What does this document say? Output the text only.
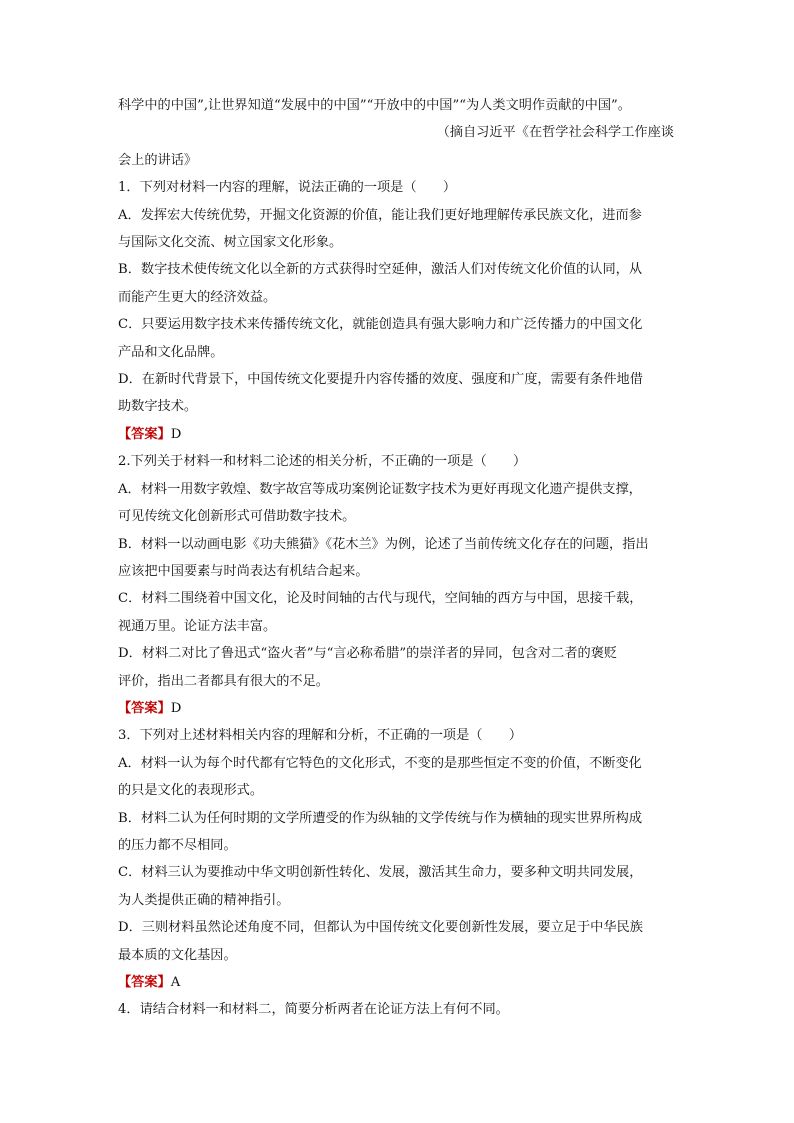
科学中的中国”,让世界知道“发展中的中国”“开放中的中国”“为人类文明作贡献的中国”。
（摘自习近平《在哲学社会科学工作座谈
会上的讲话》
1．下列对材料一内容的理解，说法正确的一项是（　　）
A．发挥宏大传统优势，开掘文化资源的价值，能让我们更好地理解传承民族文化，进而参
与国际文化交流、树立国家文化形象。
B．数字技术使传统文化以全新的方式获得时空延伸，激活人们对传统文化价值的认同，从
而能产生更大的经济效益。
C．只要运用数字技术来传播传统文化，就能创造具有强大影响力和广泛传播力的中国文化
产品和文化品牌。
D．在新时代背景下，中国传统文化要提升内容传播的效度、强度和广度，需要有条件地借
助数字技术。
【答案】D
2.下列关于材料一和材料二论述的相关分析，不正确的一项是（　　）
A．材料一用数字敦煌、数字故宫等成功案例论证数字技术为更好再现文化遗产提供支撑，
可见传统文化创新形式可借助数字技术。
B．材料一以动画电影《功夫熊猫》《花木兰》为例，论述了当前传统文化存在的问题，指出
应该把中国要素与时尚表达有机结合起来。
C．材料二围绕着中国文化，论及时间轴的古代与现代，空间轴的西方与中国，思接千载，
视通万里。论证方法丰富。
D．材料二对比了鲁迅式“盗火者”与“言必称希腊”的崇洋者的异同，包含对二者的褒贬
评价，指出二者都具有很大的不足。
【答案】D
3．下列对上述材料相关内容的理解和分析，不正确的一项是（　　）
A．材料一认为每个时代都有它特色的文化形式，不变的是那些恒定不变的价值，不断变化
的只是文化的表现形式。
B．材料二认为任何时期的文学所遭受的作为纵轴的文学传统与作为横轴的现实世界所构成
的压力都不尽相同。
C．材料三认为要推动中华文明创新性转化、发展，激活其生命力，要多种文明共同发展，
为人类提供正确的精神指引。
D．三则材料虽然论述角度不同，但都认为中国传统文化要创新性发展，要立足于中华民族
最本质的文化基因。
【答案】A
4．请结合材料一和材料二，简要分析两者在论证方法上有何不同。
